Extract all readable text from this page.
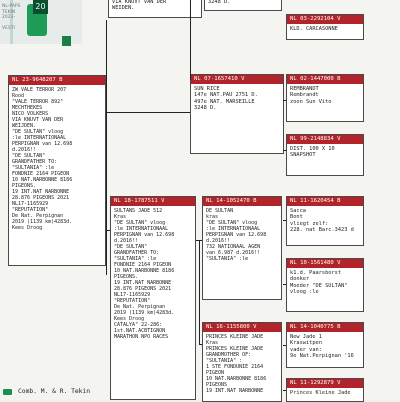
20
NL-PAPS
TEKIN
2023-

VESTI

VIA KNUVT VAN DER
WEIDEN.
3248 D.
NL 03-2292104 V
KLD. CARCASONNE
NL 23-9648207 B
ZW VALE TERROR 207
Rood
"VALE TERROR 892"
MECHTHEKES
NICO VOLKERS
VIA KNUVT VAN DER
WEIJDEN.
"DE SULTAN" vloog
:le INTERNATIONAAL
PERPIGNAN van 12.698
d.2016!!
"DE SULTAN"
GRANDFATHER TO:
"SULTANIA" :le
FONDNIE 2164 PIGEON
10 NAT.NARBONNE 8186
PIGEONS.
19 INT.NAT NARBONNE
28.876 PIGEONS 2021
NL17-1165929
"REPUTATION"
De Nat. Perpignan
2019 (1139 km)4283d.
Kees Droog
NL 07-1657410 V
SUN RICE
147e NAT.PAU 2751 D.
497e NAT. MARSEILLE
3248 D.
NL 02-1447000 B
REMBRANDT
Rembrandt
zoon Sun Vito
NL 99-2148834 V
DIST. 100 X 10
SNAPSHOT
NL 18-1787511 V
SULTANS JADE 512
Kras
"DE SULTAN" vloog
:le INTERNATIONAAL
PERPIGNAN van 12.698
d.2016!!
"DE SULTAN"
GRANDFATHER TO:
"SULTANIA" :le
FONDNIE 2164 PIGEON
10 NAT.NARBONNE 8186
PIGEONS.
19 INT.NAT NARBONNE
28.876 PIGEONS 2021
NL17-1165929
"REPUTATION"
De Nat. Perpignan
2019 (1139 km)4283d.
Kees Droog
CATALYA" 22-286:
1st.NAT.ACBTIGNON
MARATHON NPO RACES
NL 14-1052470 B
DE SULTAN
kras
"DE SULTAN" vloog
:le INTERNATIONAAL
PERPIGNAN van 12.698
d.2016!!
732 NATIONAAL AGEN
van 6.987 d.2016!!
"SULTANIA" :le
NL 11-1620454 B
Sacca
Bont
vliegt zelf:
228. nat Barc.3423 d
NL 10-1561480 V
k1.d. Paarsborst
donker
Moeder "DE SULTAN"
vloog :le
NL 16-1155800 V
PRINCES KLEINE JADE
Kras
PRINCES KLEINE JADE
GRANDMOTHER OF:
"SULTANIA" :
1 STE FONDUNIE 2164
PIGEON
10 NAT.NARBONNE 8186
PIGEONS
19 INT.NAT NARBONNE
NL 14-1040775 B
New Jade 1
Kraswitpen
vader van:
9e Nat.Perpignan '16
NL 11-1292879 V
Princes Kleine Jade
Comb. M. & R. Tekin
